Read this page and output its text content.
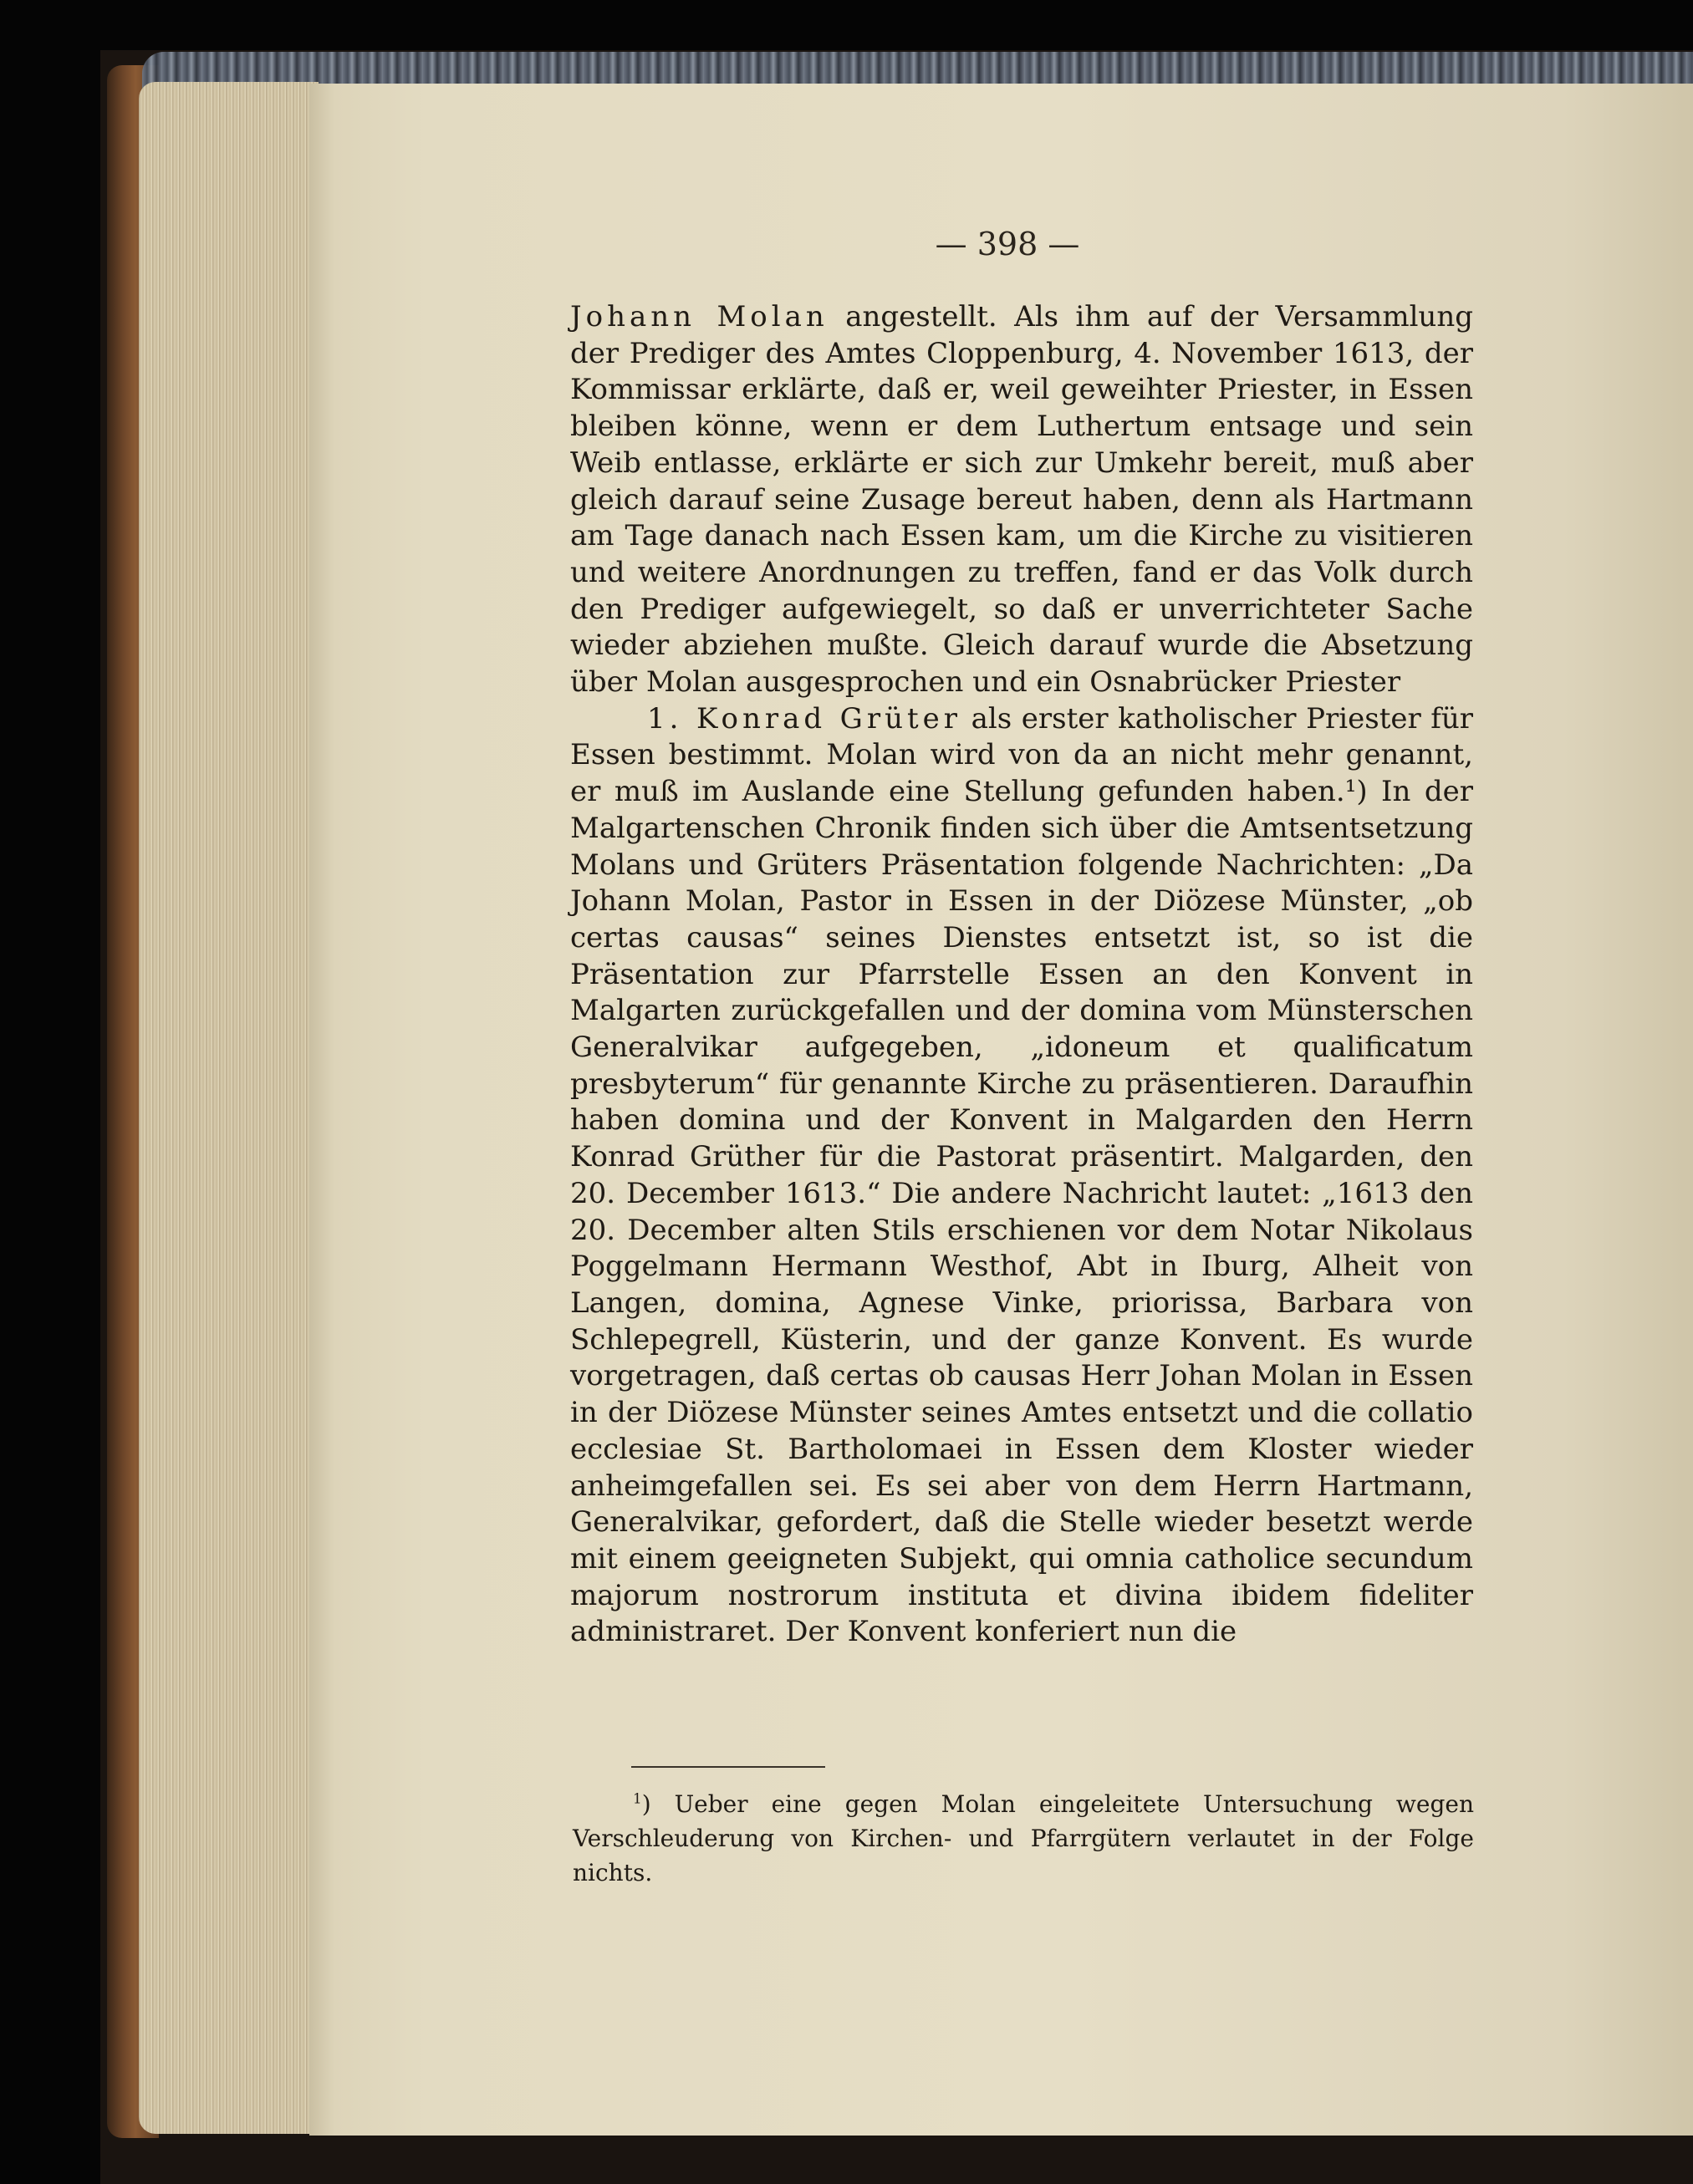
— 398 —

Johann Molan angestellt. Als ihm auf der Versammlung der Prediger des Amtes Cloppenburg, 4. November 1613, der Kommissar erklärte, daß er, weil geweihter Priester, in Essen bleiben könne, wenn er dem Luthertum entsage und sein Weib entlasse, erklärte er sich zur Umkehr bereit, muß aber gleich darauf seine Zusage bereut haben, denn als Hartmann am Tage danach nach Essen kam, um die Kirche zu visitieren und weitere Anordnungen zu treffen, fand er das Volk durch den Prediger aufgewiegelt, so daß er unverrichteter Sache wieder abziehen mußte. Gleich darauf wurde die Absetzung über Molan ausgesprochen und ein Osnabrücker Priester

1. Konrad Grüter als erster katholischer Priester für Essen bestimmt. Molan wird von da an nicht mehr genannt, er muß im Auslande eine Stellung gefunden haben.¹) In der Malgartenschen Chronik finden sich über die Amtsentsetzung Molans und Grüters Präsentation folgende Nachrichten: „Da Johann Molan, Pastor in Essen in der Diözese Münster, „ob certas causas“ seines Dienstes entsetzt ist, so ist die Präsentation zur Pfarrstelle Essen an den Konvent in Malgarten zurückgefallen und der domina vom Münsterschen Generalvikar aufgegeben, „idoneum et qualificatum presbyterum“ für genannte Kirche zu präsentieren. Daraufhin haben domina und der Konvent in Malgarden den Herrn Konrad Grüther für die Pastorat präsentirt. Malgarden, den 20. December 1613.“ Die andere Nachricht lautet: „1613 den 20. December alten Stils erschienen vor dem Notar Nikolaus Poggelmann Hermann Westhof, Abt in Iburg, Alheit von Langen, domina, Agnese Vinke, priorissa, Barbara von Schlepegrell, Küsterin, und der ganze Konvent. Es wurde vorgetragen, daß certas ob causas Herr Johan Molan in Essen in der Diözese Münster seines Amtes entsetzt und die collatio ecclesiae St. Bartholomaei in Essen dem Kloster wieder anheimgefallen sei. Es sei aber von dem Herrn Hartmann, Generalvikar, gefordert, daß die Stelle wieder besetzt werde mit einem geeigneten Subjekt, qui omnia catholice secundum majorum nostrorum instituta et divina ibidem fideliter administraret. Der Konvent konferiert nun die

$^1$) Ueber eine gegen Molan eingeleitete Untersuchung wegen Verschleuderung von Kirchen- und Pfarrgütern verlautet in der Folge nichts.
